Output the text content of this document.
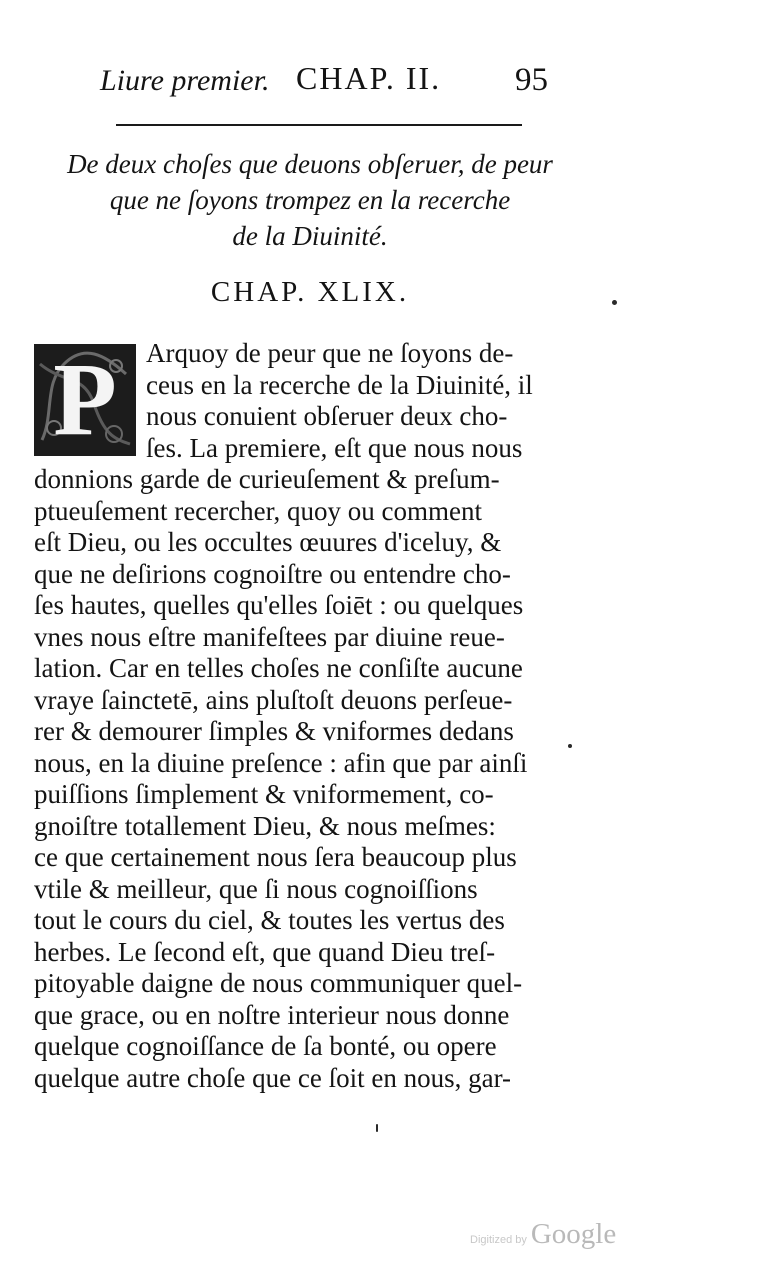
Liure premier. CHAP. II. 95
De deux choſes que deuons obſeruer, de peur
que ne ſoyons trompez en la recerche
de la Diuinité.
CHAP. XLIX.
P	Arquoy de peur que ne ſoyons de-
ceus en la recerche de la Diuinité, il
nous conuient obſeruer deux cho-
ſes. La premiere, eſt que nous nous
donnions garde de curieuſement & preſum-
ptueuſement recercher, quoy ou comment
eſt Dieu, ou les occultes œuures d'iceluy, &
que ne deſirions cognoiſtre ou entendre cho-
ſes hautes, quelles qu'elles ſoiēt : ou quelques
vnes nous eſtre manifeſtees par diuine reue-
lation. Car en telles choſes ne conſiſte aucune
vraye ſainctetē, ains pluſtoſt deuons perſeue-
rer & demourer ſimples & vniformes dedans
nous, en la diuine preſence : afin que par ainſi
puiſſions ſimplement & vniformement, co-
gnoiſtre totallement Dieu, & nous meſmes:
ce que certainement nous ſera beaucoup plus
vtile & meilleur, que ſi nous cognoiſſions
tout le cours du ciel, & toutes les vertus des
herbes. Le ſecond eſt, que quand Dieu treſ-
pitoyable daigne de nous communiquer quel-
que grace, ou en noſtre interieur nous donne
quelque cognoiſſance de ſa bonté, ou opere
quelque autre choſe que ce ſoit en nous, gar-
Digitized by Google
